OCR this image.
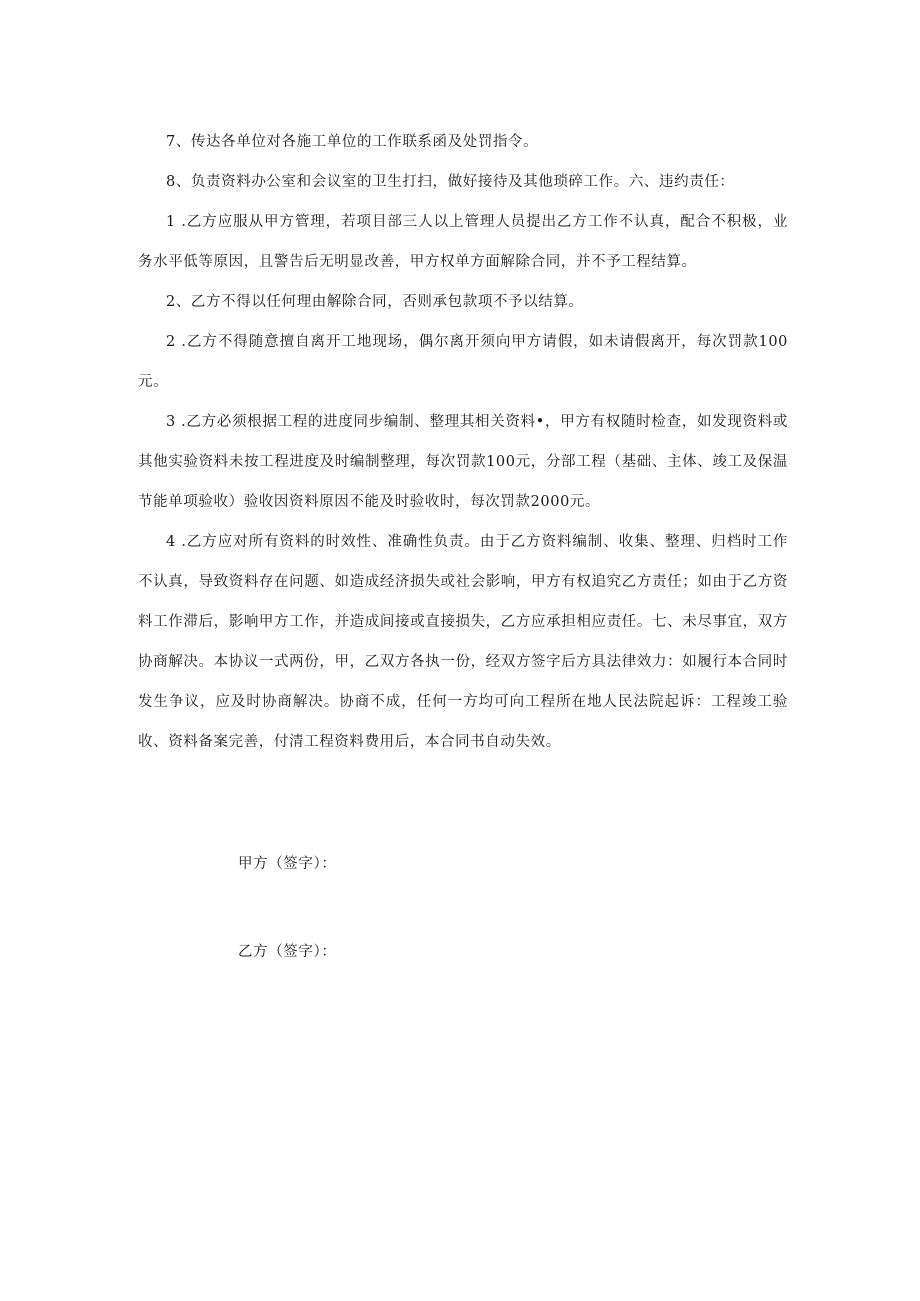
7、传达各单位对各施工单位的工作联系函及处罚指令。

8、负责资料办公室和会议室的卫生打扫，做好接待及其他琐碎工作。六、违约责任：

1 .乙方应服从甲方管理，若项目部三人以上管理人员提出乙方工作不认真，配合不积极，业务水平低等原因，且警告后无明显改善，甲方权单方面解除合同，并不予工程结算。

2、乙方不得以任何理由解除合同，否则承包款项不予以结算。

2 .乙方不得随意擅自离开工地现场，偶尔离开须向甲方请假，如未请假离开，每次罚款100元。

3 .乙方必须根据工程的进度同步编制、整理其相关资料•，甲方有权随时检查，如发现资料或其他实验资料未按工程进度及时编制整理，每次罚款100元，分部工程（基础、主体、竣工及保温节能单项验收）验收因资料原因不能及时验收时，每次罚款2000元。

4 .乙方应对所有资料的时效性、准确性负责。由于乙方资料编制、收集、整理、归档时工作不认真，导致资料存在问题、如造成经济损失或社会影响，甲方有权追究乙方责任；如由于乙方资料工作滞后，影响甲方工作，并造成间接或直接损失，乙方应承担相应责任。七、未尽事宜，双方协商解决。本协议一式两份，甲，乙双方各执一份，经双方签字后方具法律效力：如履行本合同时发生争议，应及时协商解决。协商不成，任何一方均可向工程所在地人民法院起诉：工程竣工验收、资料备案完善，付清工程资料费用后，本合同书自动失效。

甲方（签字）：

乙方（签字）：
